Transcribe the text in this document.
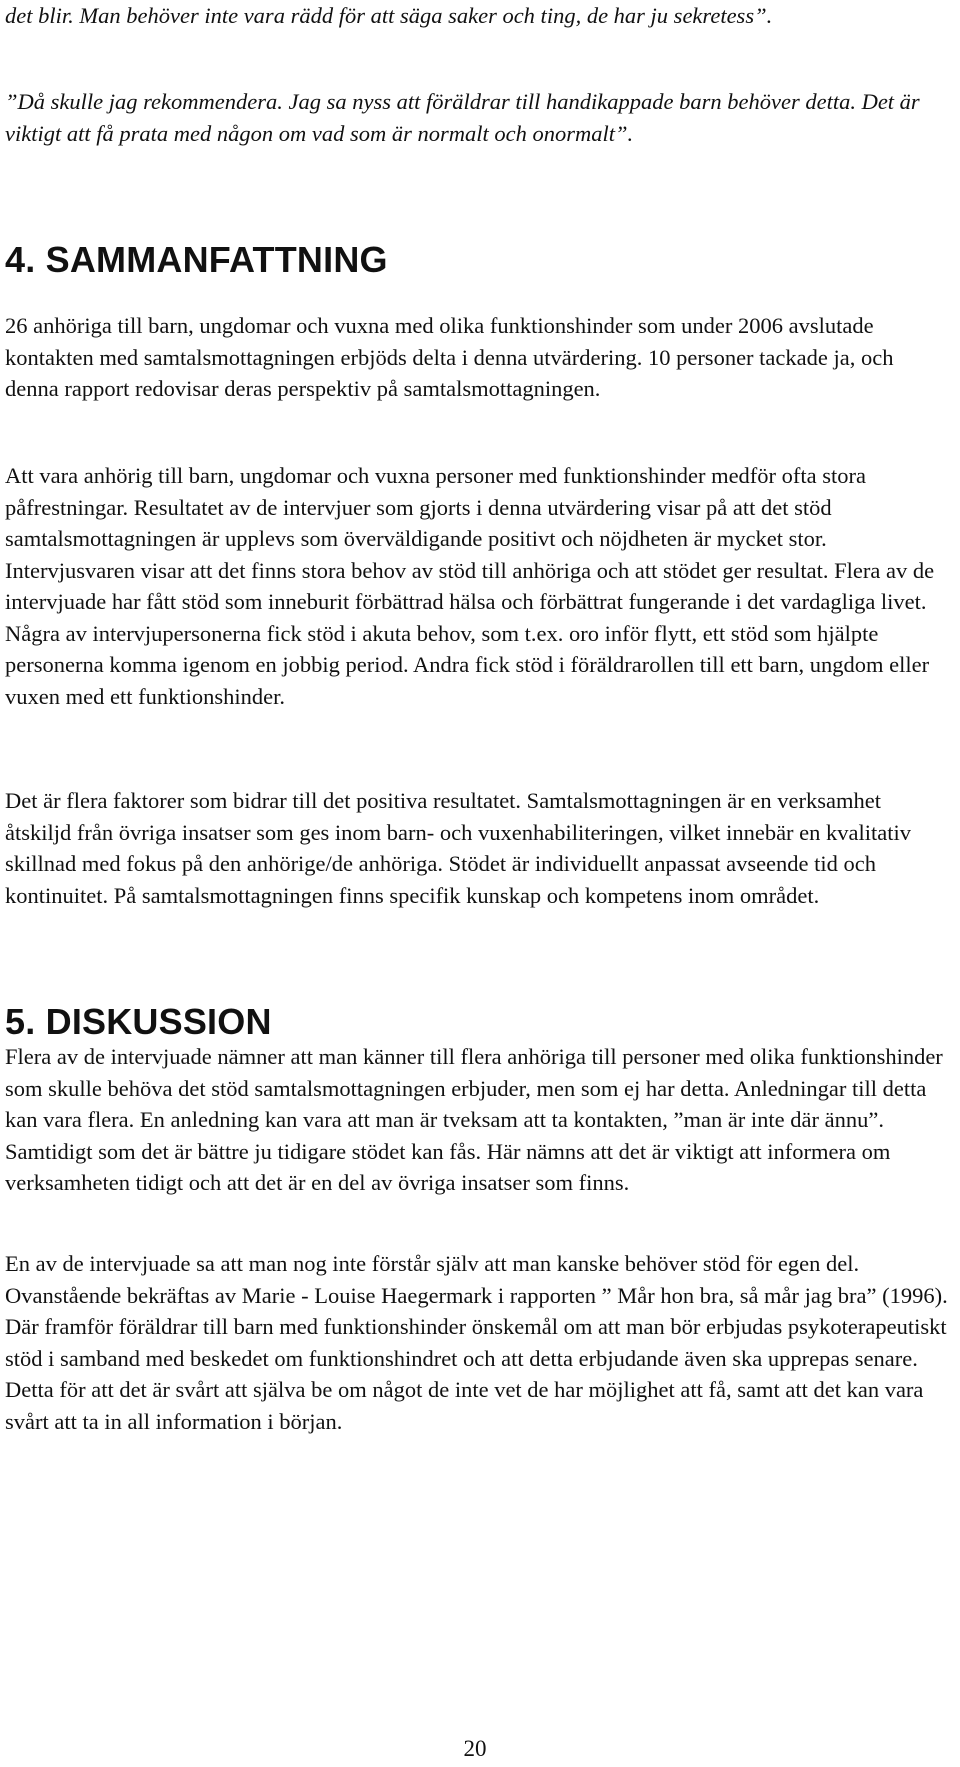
det blir. Man behöver inte vara rädd för att säga saker och ting, de har ju sekretess”.

”Då skulle jag rekommendera. Jag sa nyss att föräldrar till handikappade barn behöver detta. Det är viktigt att få prata med någon om vad som är normalt och onormalt”.

4. SAMMANFATTNING

26 anhöriga till barn, ungdomar och vuxna med olika funktionshinder som under 2006 avslutade kontakten med samtalsmottagningen erbjöds delta i denna utvärdering. 10 personer tackade ja, och denna rapport redovisar deras perspektiv på samtalsmottagningen.

Att vara anhörig till barn, ungdomar och vuxna personer med funktionshinder medför ofta stora påfrestningar. Resultatet av de intervjuer som gjorts i denna utvärdering visar på att det stöd samtalsmottagningen är upplevs som överväldigande positivt och nöjdheten är mycket stor. Intervjusvaren visar att det finns stora behov av stöd till anhöriga och att stödet ger resultat. Flera av de intervjuade har fått stöd som inneburit förbättrad hälsa och förbättrat fungerande i det vardagliga livet. Några av intervjupersonerna fick stöd i akuta behov, som t.ex. oro inför flytt, ett stöd som hjälpte personerna komma igenom en jobbig period. Andra fick stöd i föräldrarollen till ett barn, ungdom eller vuxen med ett funktionshinder.

Det är flera faktorer som bidrar till det positiva resultatet. Samtalsmottagningen är en verksamhet åtskiljd från övriga insatser som ges inom barn- och vuxenhabiliteringen, vilket innebär en kvalitativ skillnad med fokus på den anhörige/de anhöriga. Stödet är individuellt anpassat avseende tid och kontinuitet. På samtalsmottagningen finns specifik kunskap och kompetens inom området.

5. DISKUSSION

Flera av de intervjuade nämner att man känner till flera anhöriga till personer med olika funktionshinder som skulle behöva det stöd samtalsmottagningen erbjuder, men som ej har detta. Anledningar till detta kan vara flera. En anledning kan vara att man är tveksam att ta kontakten, ”man är inte där ännu”. Samtidigt som det är bättre ju tidigare stödet kan fås. Här nämns att det är viktigt att informera om verksamheten tidigt och att det är en del av övriga insatser som finns.

En av de intervjuade sa att man nog inte förstår själv att man kanske behöver stöd för egen del. Ovanstående bekräftas av Marie - Louise Haegermark i rapporten ” Mår hon bra, så mår jag bra” (1996). Där framför föräldrar till barn med funktionshinder önskemål om att man bör erbjudas psykoterapeutiskt stöd i samband med beskedet om funktionshindret och att detta erbjudande även ska upprepas senare. Detta för att det är svårt att själva be om något de inte vet de har möjlighet att få, samt att det kan vara svårt att ta in all information i början.

20
